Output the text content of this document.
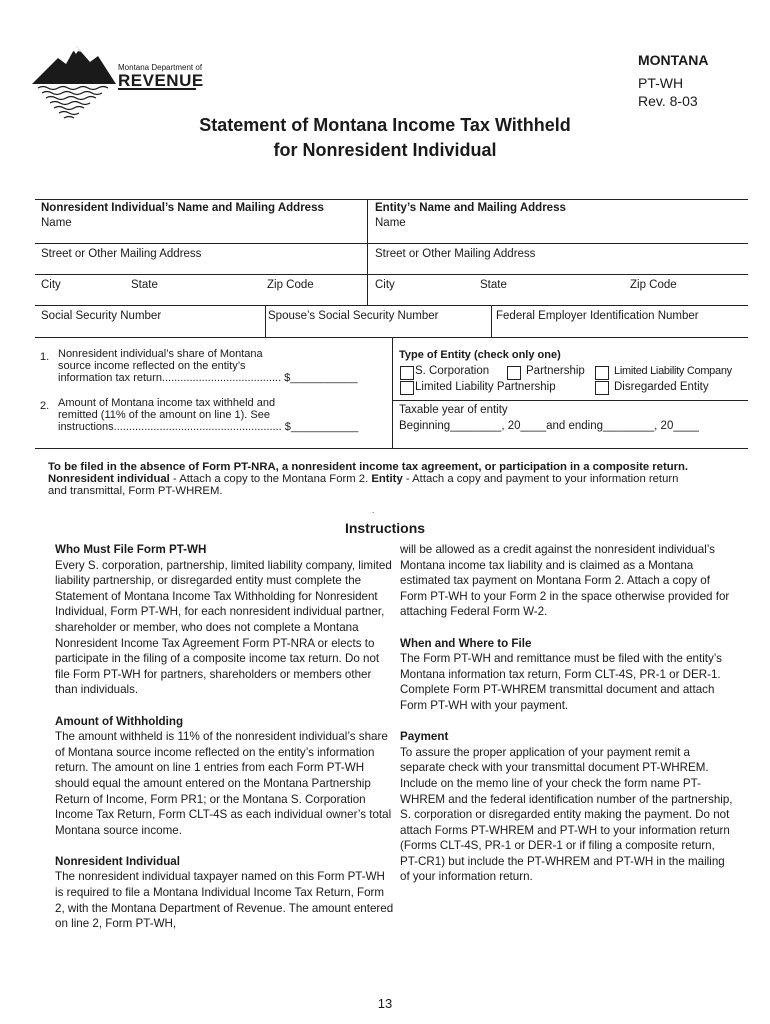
Montana Department of
REVENUE
MONTANA
PT-WH
Rev. 8-03
Statement of Montana Income Tax Withheld
for Nonresident Individual
Nonresident Individual’s Name and Mailing Address
Name
Entity’s Name and Mailing Address
Name
Street or Other Mailing Address	Street or Other Mailing Address
City	State	Zip Code	City	State	Zip Code
Social Security Number	Spouse’s Social Security Number	Federal Employer Identification Number
1. Nonresident individual’s share of Montana
source income reflected on the entity’s
information tax return....................................... $___________
2. Amount of Montana income tax withheld and
remitted (11% of the amount on line 1). See
instructions....................................................... $___________
Type of Entity (check only one)
S. Corporation	Partnership	Limited Liability Company
Limited Liability Partnership	Disregarded Entity
Taxable year of entity
Beginning________, 20____and ending________, 20____
To be filed in the absence of Form PT-NRA, a nonresident income tax agreement, or participation in a composite return.
Nonresident individual - Attach a copy to the Montana Form 2. Entity - Attach a copy and payment to your information return
and transmittal, Form PT-WHREM.
.
Instructions
Who Must File Form PT-WH

Every S. corporation, partnership, limited liability company, limited liability partnership, or disregarded entity must complete the Statement of Montana Income Tax Withholding for Nonresident Individual, Form PT-WH, for each nonresident individual partner, shareholder or member, who does not complete a Montana Nonresident Income Tax Agreement Form PT-NRA or elects to participate in the filing of a composite income tax return. Do not file Form PT-WH for partners, shareholders or members other than individuals.

Amount of Withholding

The amount withheld is 11% of the nonresident individual’s share of Montana source income reflected on the entity’s information return. The amount on line 1 entries from each Form PT-WH should equal the amount entered on the Montana Partnership Return of Income, Form PR1; or the Montana S. Corporation Income Tax Return, Form CLT-4S as each individual owner’s total Montana source income.

Nonresident Individual

The nonresident individual taxpayer named on this Form PT-WH is required to file a Montana Individual Income Tax Return, Form 2, with the Montana Department of Revenue. The amount entered on line 2, Form PT-WH,

will be allowed as a credit against the nonresident individual’s Montana income tax liability and is claimed as a Montana estimated tax payment on Montana Form 2. Attach a copy of Form PT-WH to your Form 2 in the space otherwise provided for attaching Federal Form W-2.

When and Where to File

The Form PT-WH and remittance must be filed with the entity’s Montana information tax return, Form CLT-4S, PR-1 or DER-1. Complete Form PT-WHREM transmittal document and attach Form PT-WH with your payment.

Payment

To assure the proper application of your payment remit a separate check with your transmittal document PT-WHREM. Include on the memo line of your check the form name PT-WHREM and the federal identification number of the partnership, S. corporation or disregarded entity making the payment. Do not attach Forms PT-WHREM and PT-WH to your information return (Forms CLT-4S, PR-1 or DER-1 or if filing a composite return, PT-CR1) but include the PT-WHREM and PT-WH in the mailing of your information return.

13
